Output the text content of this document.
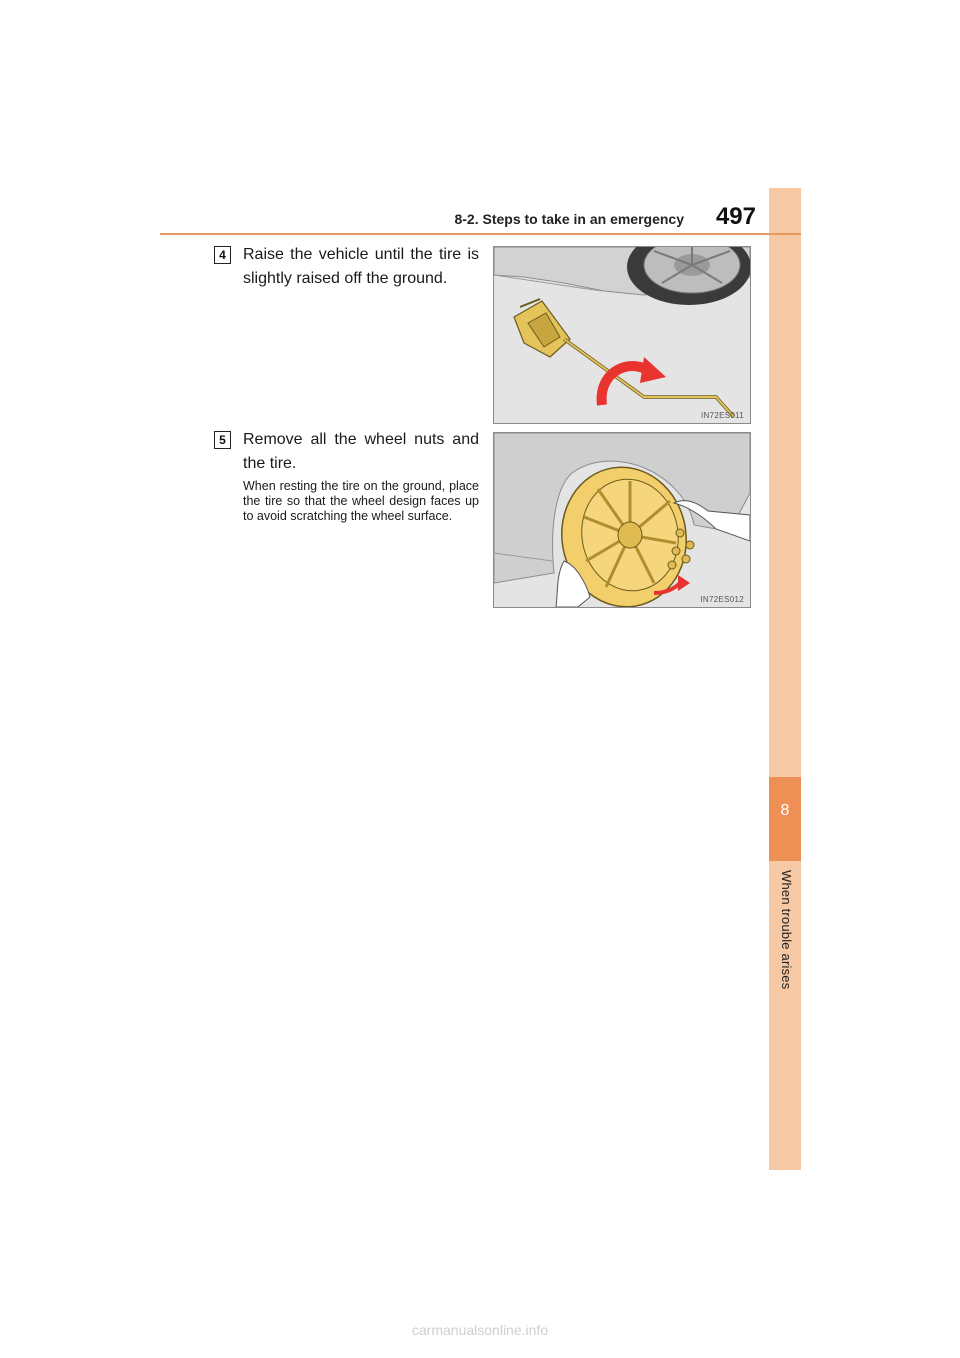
8
When trouble arises
8-2. Steps to take in an emergency 497
4	Raise the vehicle until the tire is slightly raised off the ground.
IN72ES011
5	Remove all the wheel nuts and the tire.
When resting the tire on the ground, place the tire so that the wheel design faces up to avoid scratching the wheel surface.
IN72ES012
carmanualsonline.info
